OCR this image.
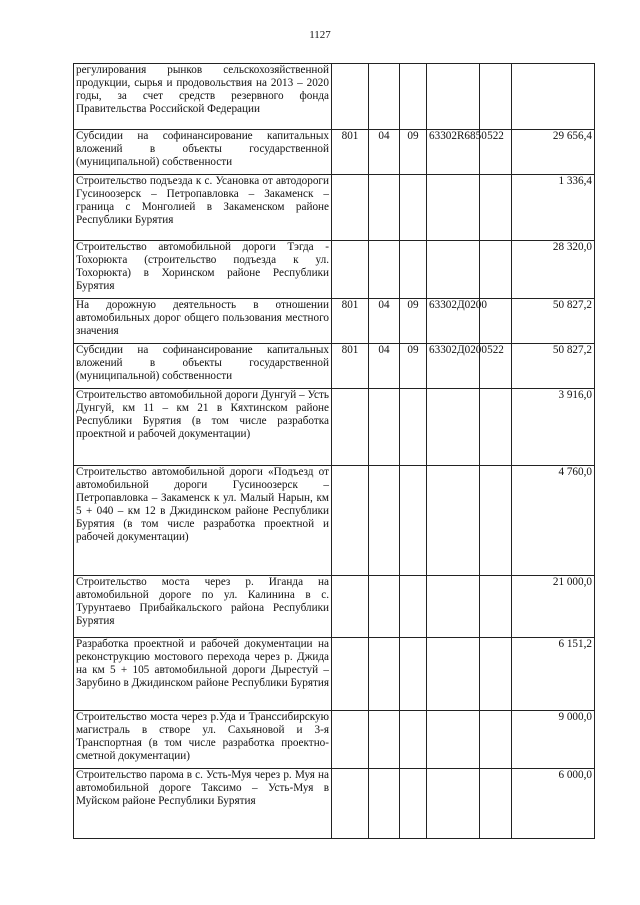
1127
регулирования рынков сельскохозяйственной продукции, сырья и продовольствия на 2013 – 2020 годы, за счет средств резервного фонда Правительства Российской Федерации						
Субсидии на софинансирование капитальных вложений в объекты государственной (муниципальной) собственности	801	04	09	63302R6850	522	29 656,4
Строительство подъезда к с. Усановка от автодороги Гусиноозерск – Петропавловка – Закаменск – граница с Монголией в Закаменском районе Республики Бурятия						1 336,4
Строительство автомобильной дороги Тэгда - Тохорюкта (строительство подъезда к ул. Тохорюкта) в Хоринском районе Республики Бурятия						28 320,0
На дорожную деятельность в отношении автомобильных дорог общего пользования местного значения	801	04	09	63302Д0200		50 827,2
Субсидии на софинансирование капитальных вложений в объекты государственной (муниципальной) собственности	801	04	09	63302Д0200	522	50 827,2
Строительство автомобильной дороги Дунгуй – Усть Дунгуй, км 11 – км 21 в Кяхтинском районе Республики Бурятия (в том числе разработка проектной и рабочей документации)						3 916,0
Строительство автомобильной дороги «Подъезд от автомобильной дороги Гусиноозерск – Петропавловка – Закаменск к ул. Малый Нарын, км 5 + 040 – км 12 в Джидинском районе Республики Бурятия (в том числе разработка проектной и рабочей документации)						4 760,0
Строительство моста через р. Иганда на автомобильной дороге по ул. Калинина в с. Турунтаево Прибайкальского района Республики Бурятия						21 000,0
Разработка проектной и рабочей документации на реконструкцию мостового перехода через р. Джида на км 5 + 105 автомобильной дороги Дырестуй – Зарубино в Джидинском районе Республики Бурятия						6 151,2
Строительство моста через р.Уда и Транссибирскую магистраль в створе ул. Сахьяновой и 3-я Транспортная (в том числе разработка проектно-сметной документации)						9 000,0
Строительство парома в с. Усть-Муя через р. Муя на автомобильной дороге Таксимо – Усть-Муя в Муйском районе Республики Бурятия						6 000,0
